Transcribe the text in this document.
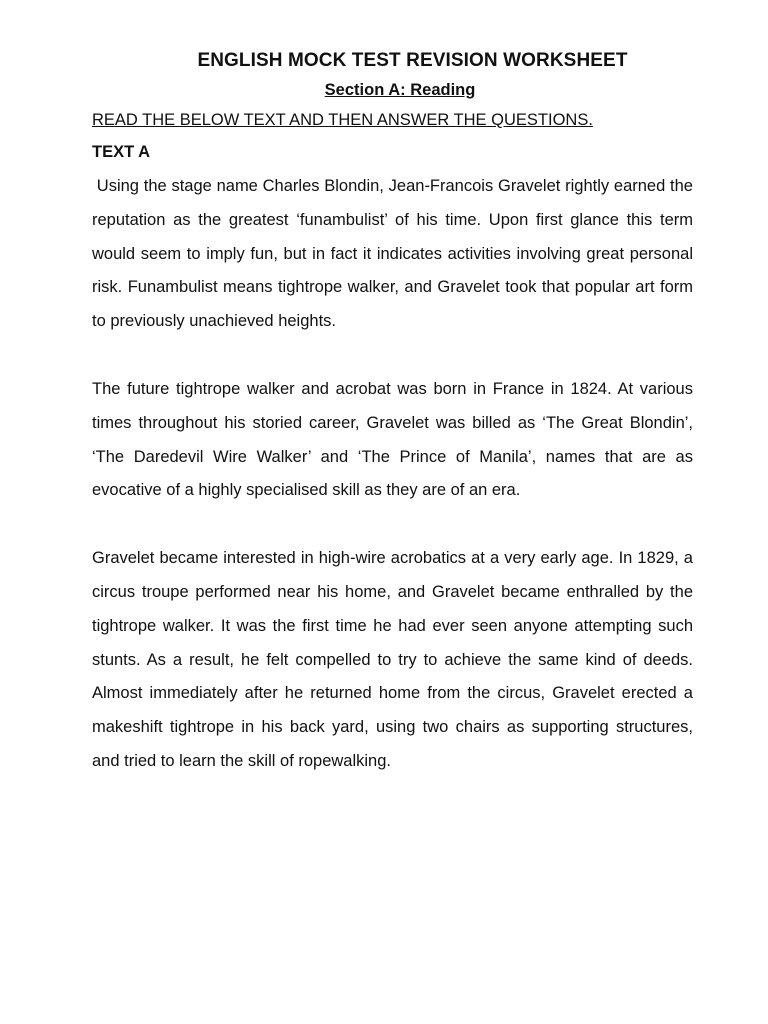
ENGLISH MOCK TEST REVISION WORKSHEET
Section A: Reading

READ THE BELOW TEXT AND THEN ANSWER THE QUESTIONS.

TEXT A

Using the stage name Charles Blondin, Jean-Francois Gravelet rightly earned the reputation as the greatest ‘funambulist’ of his time. Upon first glance this term would seem to imply fun, but in fact it indicates activities involving great personal risk. Funambulist means tightrope walker, and Gravelet took that popular art form to previously unachieved heights.

The future tightrope walker and acrobat was born in France in 1824. At various times throughout his storied career, Gravelet was billed as ‘The Great Blondin’, ‘The Daredevil Wire Walker’ and ‘The Prince of Manila’, names that are as evocative of a highly specialised skill as they are of an era.

Gravelet became interested in high-wire acrobatics at a very early age. In 1829, a circus troupe performed near his home, and Gravelet became enthralled by the tightrope walker. It was the first time he had ever seen anyone attempting such stunts. As a result, he felt compelled to try to achieve the same kind of deeds. Almost immediately after he returned home from the circus, Gravelet erected a makeshift tightrope in his back yard, using two chairs as supporting structures, and tried to learn the skill of ropewalking.
